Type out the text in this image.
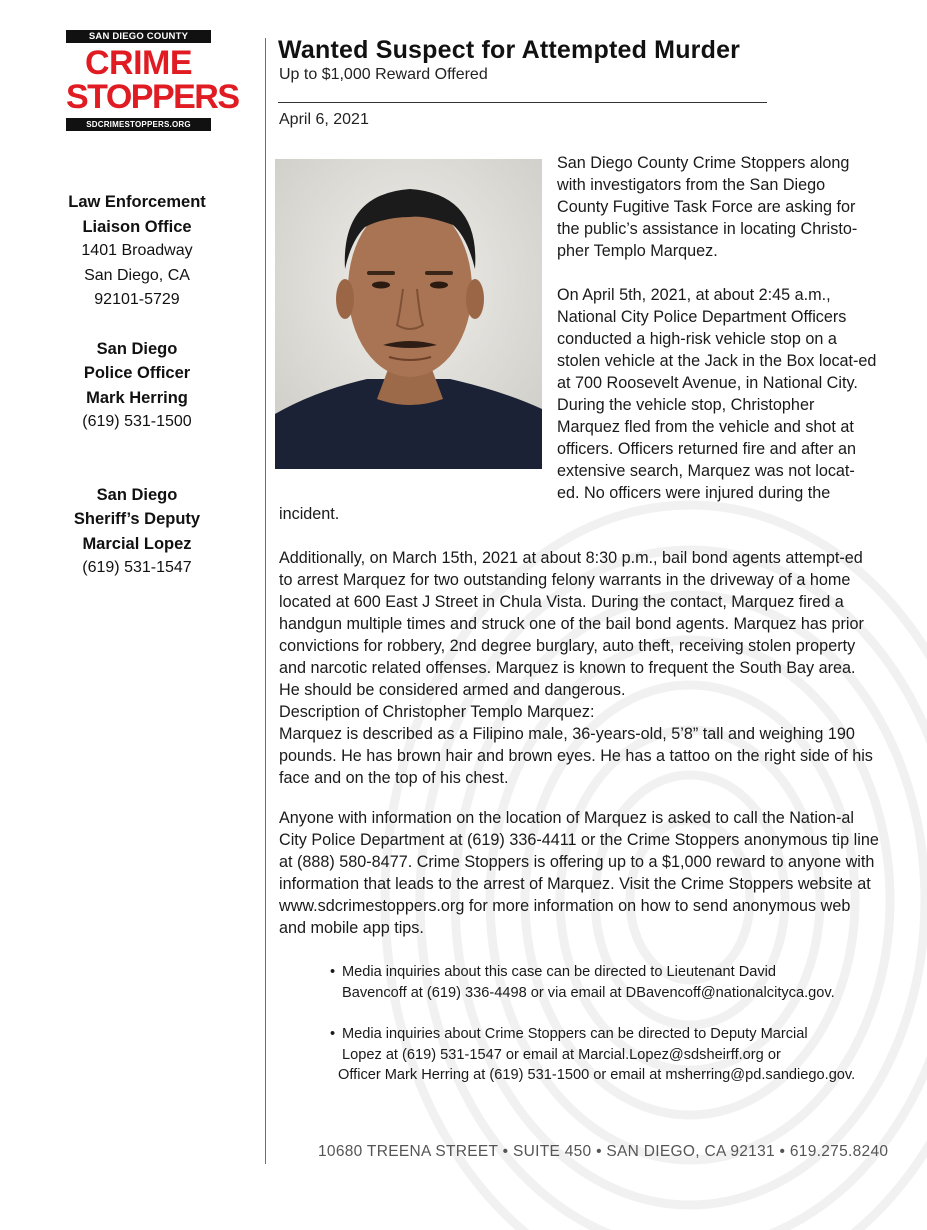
SAN DIEGO COUNTY
CRIME
STOPPERS
SDCRIMESTOPPERS.ORG
Law Enforcement
Liaison Office
1401 Broadway
San Diego, CA
92101-5729
San Diego
Police Officer
Mark Herring
(619) 531-1500
San Diego
Sheriff’s Deputy
Marcial Lopez
(619) 531-1547
Wanted Suspect for Attempted Murder
Up to $1,000 Reward Offered
April 6, 2021

San Diego County Crime Stoppers along with investigators from the San Diego County Fugitive Task Force are asking for the public’s assistance in locating Christo-pher Templo Marquez.

On April 5th, 2021, at about 2:45 a.m., National City Police Department Officers conducted a high-risk vehicle stop on a stolen vehicle at the Jack in the Box locat-ed at 700 Roosevelt Avenue, in National City. During the vehicle stop, Christopher Marquez fled from the vehicle and shot at officers. Officers returned fire and after an extensive search, Marquez was not locat-ed. No officers were injured during the

incident.

Additionally, on March 15th, 2021 at about 8:30 p.m., bail bond agents attempt-ed to arrest Marquez for two outstanding felony warrants in the driveway of a home located at 600 East J Street in Chula Vista. During the contact, Marquez fired a handgun multiple times and struck one of the bail bond agents. Marquez has prior convictions for robbery, 2nd degree burglary, auto theft, receiving stolen property and narcotic related offenses. Marquez is known to frequent the South Bay area. He should be considered armed and dangerous.

Description of Christopher Templo Marquez:

Marquez is described as a Filipino male, 36-years-old, 5’8” tall and weighing 190 pounds. He has brown hair and brown eyes. He has a tattoo on the right side of his face and on the top of his chest.

Anyone with information on the location of Marquez is asked to call the Nation-al City Police Department at (619) 336-4411 or the Crime Stoppers anonymous tip line at (888) 580-8477. Crime Stoppers is offering up to a $1,000 reward to anyone with information that leads to the arrest of Marquez. Visit the Crime Stoppers website at www.sdcrimestoppers.org for more information on how to send anonymous web and mobile app tips.
• Media inquiries about this case can be directed to Lieutenant David
Bavencoff at (619) 336-4498 or via email at DBavencoff@nationalcityca.gov.
• Media inquiries about Crime Stoppers can be directed to Deputy Marcial
Lopez at (619) 531-1547 or email at Marcial.Lopez@sdsheirff.org or
Officer Mark Herring at (619) 531-1500 or email at msherring@pd.sandiego.gov.
10680 TREENA STREET • SUITE 450 • SAN DIEGO, CA 92131 • 619.275.8240
